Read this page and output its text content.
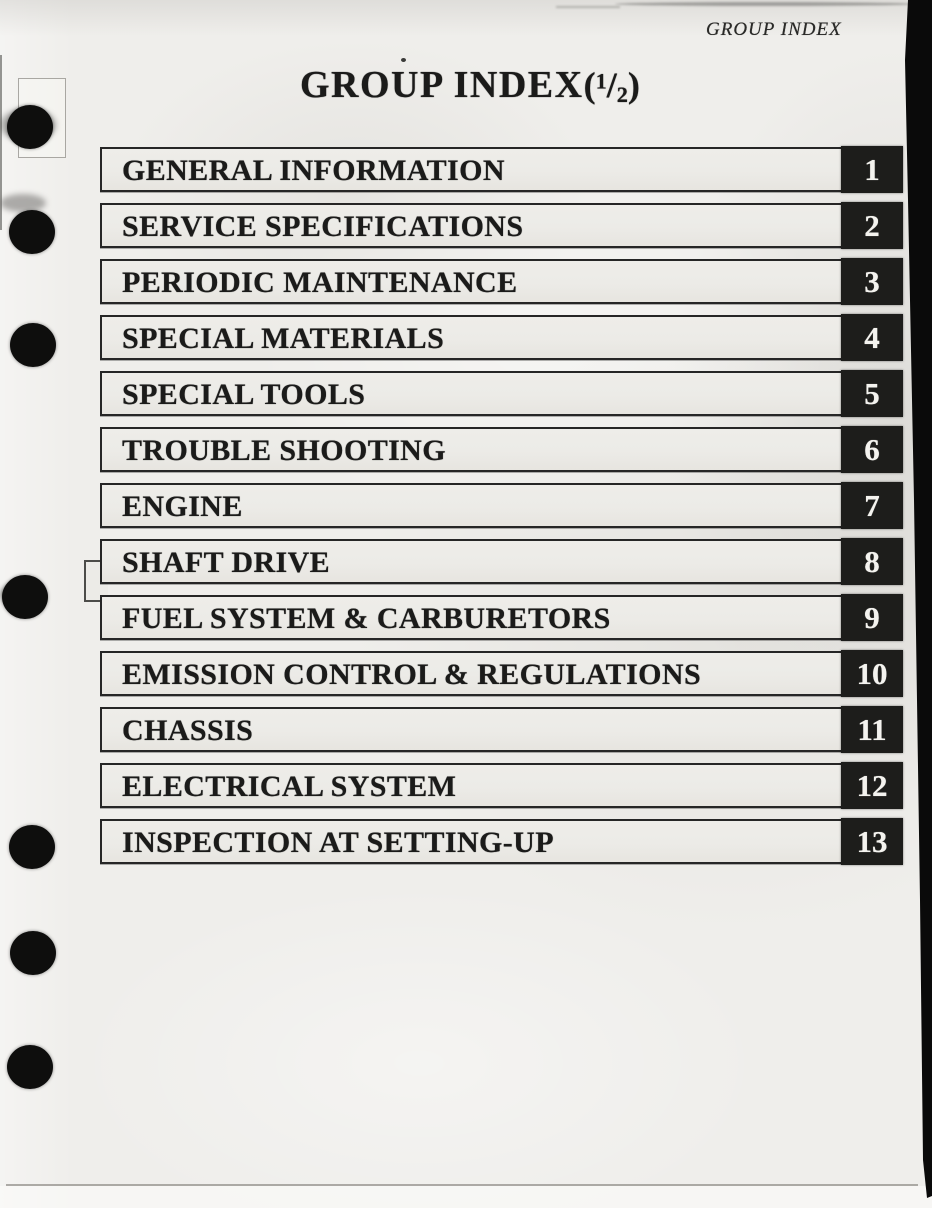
GROUP INDEX
GROUP $INDEX(^1/_2)$
GENERAL INFORMATION	1
SERVICE SPECIFICATIONS	2
PERIODIC MAINTENANCE	3
SPECIAL MATERIALS	4
SPECIAL TOOLS	5
TROUBLE SHOOTING	6
ENGINE	7
SHAFT DRIVE	8
FUEL SYSTEM & CARBURETORS	9
EMISSION CONTROL & REGULATIONS	10
CHASSIS	11
ELECTRICAL SYSTEM	12
INSPECTION AT SETTING-UP	13
